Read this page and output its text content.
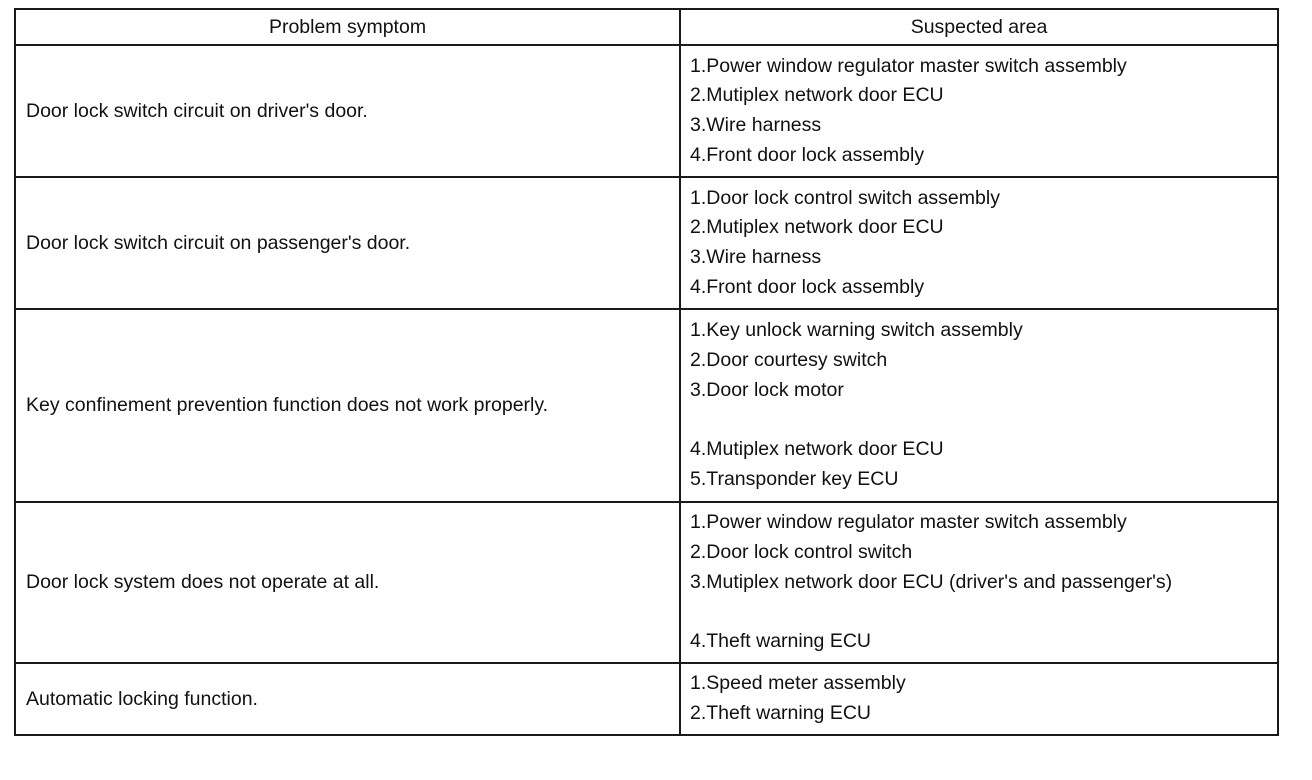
Problem symptom	Suspected area
Door lock switch circuit on driver's door.	1.Power window regulator master switch assembly
2.Mutiplex network door ECU
3.Wire harness
4.Front door lock assembly

Door lock switch circuit on passenger's door.	1.Door lock control switch assembly
2.Mutiplex network door ECU
3.Wire harness
4.Front door lock assembly

Key confinement prevention function does not work properly.	1.Key unlock warning switch assembly
2.Door courtesy switch
3.Door lock motor
4.Mutiplex network door ECU
5.Transponder key ECU

Door lock system does not operate at all.	1.Power window regulator master switch assembly
2.Door lock control switch
3.Mutiplex network door ECU (driver's and passenger's)
4.Theft warning ECU

Automatic locking function.	1.Speed meter assembly
2.Theft warning ECU
